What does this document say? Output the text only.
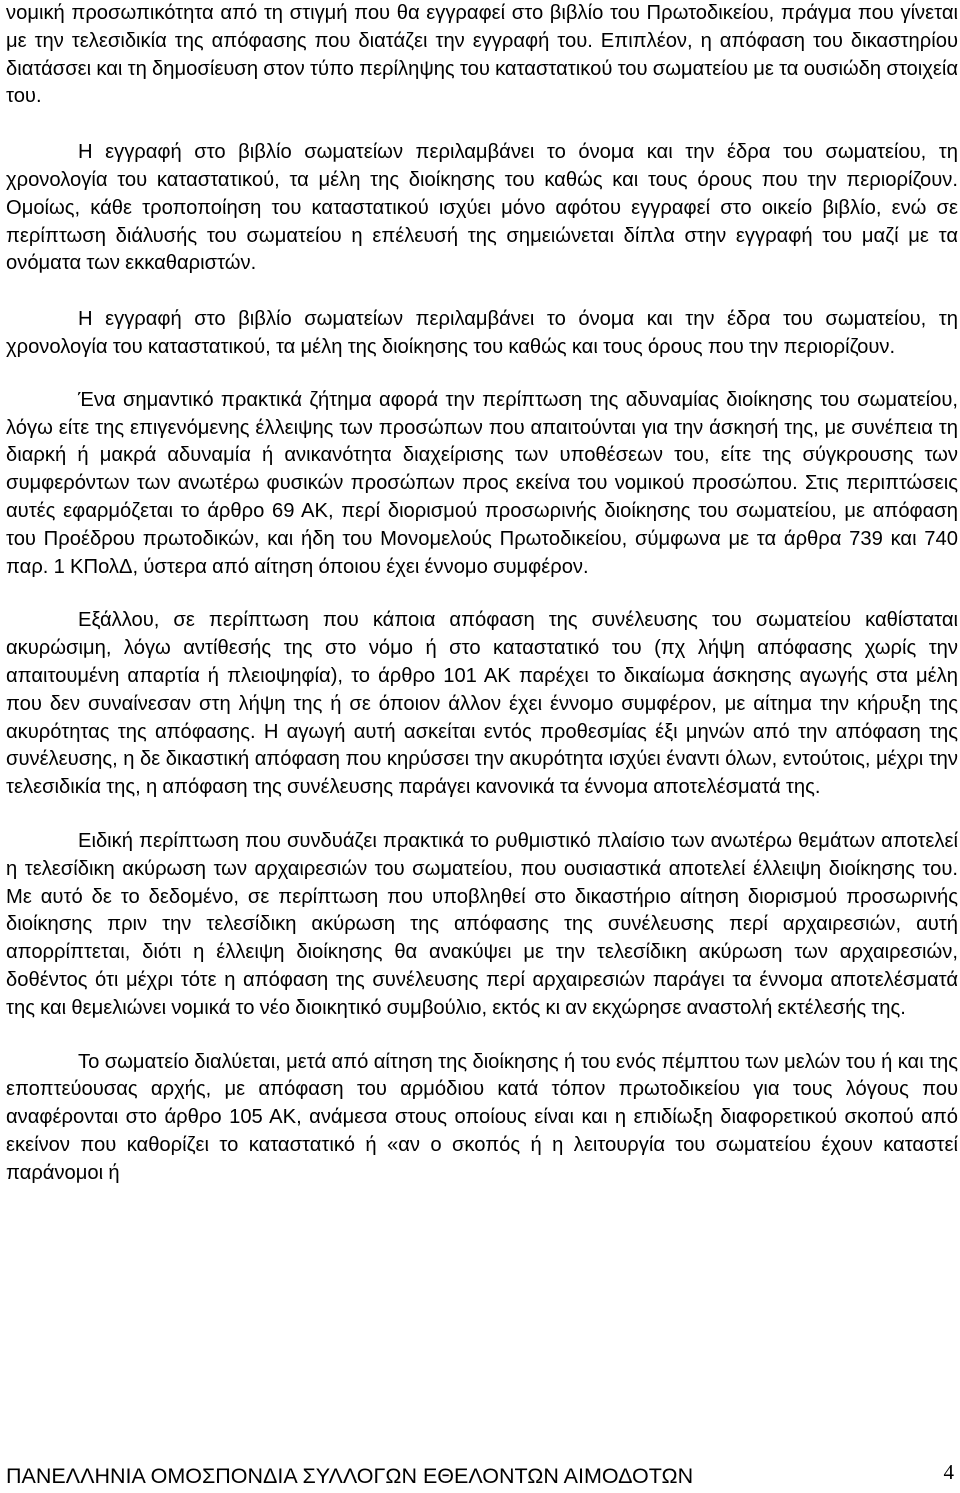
νομική προσωπικότητα από τη στιγμή που θα εγγραφεί στο βιβλίο του Πρωτοδικείου, πράγμα που γίνεται με την τελεσιδικία της απόφασης που διατάζει την εγγραφή του. Επιπλέον, η απόφαση του δικαστηρίου διατάσσει και τη δημοσίευση στον τύπο περίληψης του καταστατικού του σωματείου με τα ουσιώδη στοιχεία του.

Η εγγραφή στο βιβλίο σωματείων περιλαμβάνει το όνομα και την έδρα του σωματείου, τη χρονολογία του καταστατικού, τα μέλη της διοίκησης του καθώς και τους όρους που την περιορίζουν. Ομοίως, κάθε τροποποίηση του καταστατικού ισχύει μόνο αφότου εγγραφεί στο οικείο βιβλίο, ενώ σε περίπτωση διάλυσής του σωματείου η επέλευσή της σημειώνεται δίπλα στην εγγραφή του μαζί με τα ονόματα των εκκαθαριστών.

Η εγγραφή στο βιβλίο σωματείων περιλαμβάνει το όνομα και την έδρα του σωματείου, τη χρονολογία του καταστατικού, τα μέλη της διοίκησης του καθώς και τους όρους που την περιορίζουν.

Ένα σημαντικό πρακτικά ζήτημα αφορά την περίπτωση της αδυναμίας διοίκησης του σωματείου, λόγω είτε της επιγενόμενης έλλειψης των προσώπων που απαιτούνται για την άσκησή της, με συνέπεια τη διαρκή ή μακρά αδυναμία ή ανικανότητα διαχείρισης των υποθέσεων του, είτε της σύγκρουσης των συμφερόντων των ανωτέρω φυσικών προσώπων προς εκείνα του νομικού προσώπου. Στις περιπτώσεις αυτές εφαρμόζεται το άρθρο 69 ΑΚ, περί διορισμού προσωρινής διοίκησης του σωματείου, με απόφαση του Προέδρου πρωτοδικών, και ήδη του Μονομελούς Πρωτοδικείου, σύμφωνα με τα άρθρα 739 και 740 παρ. 1 ΚΠολΔ, ύστερα από αίτηση όποιου έχει έννομο συμφέρον.

Εξάλλου, σε περίπτωση που κάποια απόφαση της συνέλευσης του σωματείου καθίσταται ακυρώσιμη, λόγω αντίθεσής της στο νόμο ή στο καταστατικό του (πχ λήψη απόφασης χωρίς την απαιτουμένη απαρτία ή πλειοψηφία), το άρθρο 101 ΑΚ παρέχει το δικαίωμα άσκησης αγωγής στα μέλη που δεν συναίνεσαν στη λήψη της ή σε όποιον άλλον έχει έννομο συμφέρον, με αίτημα την κήρυξη της ακυρότητας της απόφασης. Η αγωγή αυτή ασκείται εντός προθεσμίας έξι μηνών από την απόφαση της συνέλευσης, η δε δικαστική απόφαση που κηρύσσει την ακυρότητα ισχύει έναντι όλων, εντούτοις, μέχρι την τελεσιδικία της, η απόφαση της συνέλευσης παράγει κανονικά τα έννομα αποτελέσματά της.

Ειδική περίπτωση που συνδυάζει πρακτικά το ρυθμιστικό πλαίσιο των ανωτέρω θεμάτων αποτελεί η τελεσίδικη ακύρωση των αρχαιρεσιών του σωματείου, που ουσιαστικά αποτελεί έλλειψη διοίκησης του. Με αυτό δε το δεδομένο, σε περίπτωση που υποβληθεί στο δικαστήριο αίτηση διορισμού προσωρινής διοίκησης πριν την τελεσίδικη ακύρωση της απόφασης της συνέλευσης περί αρχαιρεσιών, αυτή απορρίπτεται, διότι η έλλειψη διοίκησης θα ανακύψει με την τελεσίδικη ακύρωση των αρχαιρεσιών, δοθέντος ότι μέχρι τότε η απόφαση της συνέλευσης περί αρχαιρεσιών παράγει τα έννομα αποτελέσματά της και θεμελιώνει νομικά το νέο διοικητικό συμβούλιο, εκτός κι αν εκχώρησε αναστολή εκτέλεσής της.

Το σωματείο διαλύεται, μετά από αίτηση της διοίκησης ή του ενός πέμπτου των μελών του ή και της εποπτεύουσας αρχής, με απόφαση του αρμόδιου κατά τόπον πρωτοδικείου για τους λόγους που αναφέρονται στο άρθρο 105 ΑΚ, ανάμεσα στους οποίους είναι και η επιδίωξη διαφορετικού σκοπού από εκείνον που καθορίζει το καταστατικό ή «αν ο σκοπός ή η λειτουργία του σωματείου έχουν καταστεί παράνομοι ή

ΠΑΝΕΛΛΗΝΙΑ ΟΜΟΣΠΟΝΔΙΑ ΣΥΛΛΟΓΩΝ ΕΘΕΛΟΝΤΩΝ ΑΙΜΟΔΟΤΩΝ	4
